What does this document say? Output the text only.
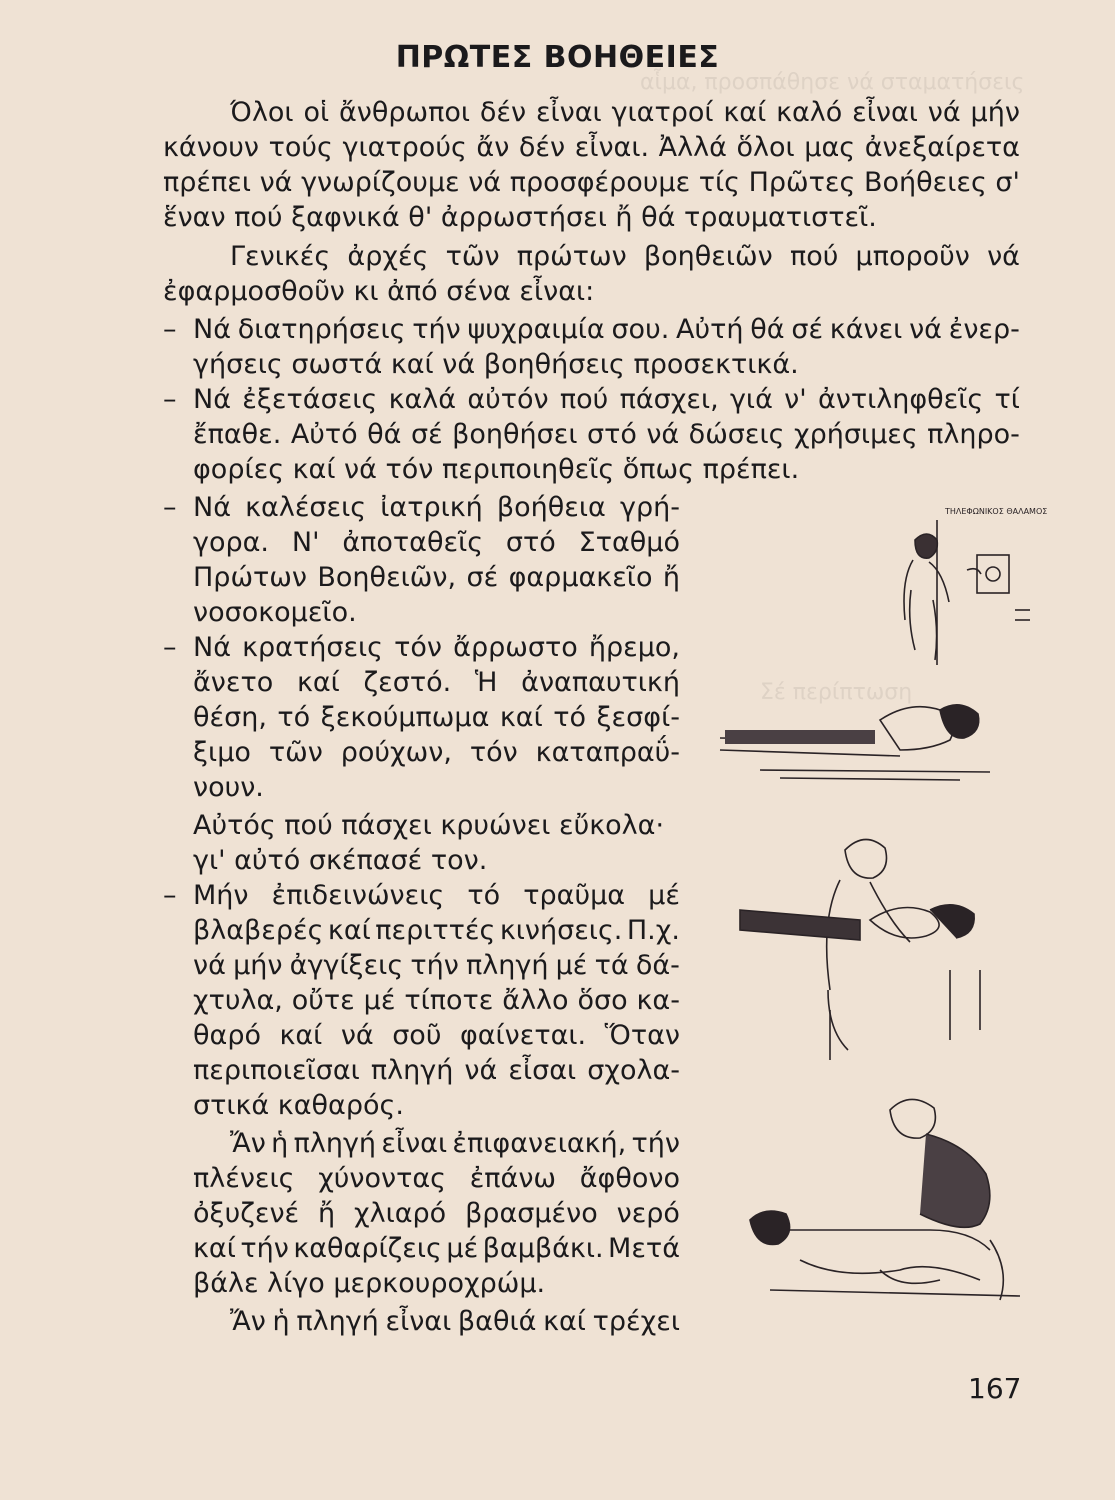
αἷμα, προσπάθησε νά σταματήσεις
Σέ περίπτωση
ΠΡΩΤΕΣ ΒΟΗΘΕΙΕΣ
Όλοι οἱ ἄνθρωποι δέν εἶναι γιατροί καί καλό εἶναι νά μήν
κάνουν τούς γιατρούς ἄν δέν εἶναι. Ἀλλά ὅλοι μας ἀνεξαίρετα
πρέπει νά γνωρίζουμε νά προσφέρουμε τίς Πρῶτες Βοήθειες σ'
ἕναν πού ξαφνικά θ' ἀρρωστήσει ἤ θά τραυματιστεῖ.
Γενικές ἀρχές τῶν πρώτων βοηθειῶν πού μποροῦν νά
ἐφαρμοσθοῦν κι ἀπό σένα εἶναι:
– Νά διατηρήσεις τήν ψυχραιμία σου. Αὐτή θά σέ κάνει νά ἐνερ-
γήσεις σωστά καί νά βοηθήσεις προσεκτικά.
– Νά ἐξετάσεις καλά αὐτόν πού πάσχει, γιά ν' ἀντιληφθεῖς τί
ἔπαθε. Αὐτό θά σέ βοηθήσει στό νά δώσεις χρήσιμες πληρο-
φορίες καί νά τόν περιποιηθεῖς ὅπως πρέπει.
– Νά καλέσεις ἰατρική βοήθεια γρή-
γορα. Ν' ἀποταθεῖς στό Σταθμό
Πρώτων Βοηθειῶν, σέ φαρμακεῖο ἤ
νοσοκομεῖο.
– Νά κρατήσεις τόν ἄρρωστο ἤρεμο,
ἄνετο καί ζεστό. Ἡ ἀναπαυτική
θέση, τό ξεκούμπωμα καί τό ξεσφί-
ξιμο τῶν ρούχων, τόν καταπραΰ-
νουν.
Αὐτός πού πάσχει κρυώνει εὔκολα·
γι' αὐτό σκέπασέ τον.
– Μήν ἐπιδεινώνεις τό τραῦμα μέ
βλαβερές καί περιττές κινήσεις. Π.χ.
νά μήν ἀγγίξεις τήν πληγή μέ τά δά-
χτυλα, οὔτε μέ τίποτε ἄλλο ὅσο κα-
θαρό καί νά σοῦ φαίνεται. Ὅταν
περιποιεῖσαι πληγή νά εἶσαι σχολα-
στικά καθαρός.
Ἄν ἡ πληγή εἶναι ἐπιφανειακή, τήν
πλένεις χύνοντας ἐπάνω ἄφθονο
ὀξυζενέ ἤ χλιαρό βρασμένο νερό
καί τήν καθαρίζεις μέ βαμβάκι. Μετά
βάλε λίγο μερκουροχρώμ.
Ἄν ἡ πληγή εἶναι βαθιά καί τρέχει
167
ΤΗΛΕΦΩΝΙΚΟΣ ΘΑΛΑΜΟΣ
